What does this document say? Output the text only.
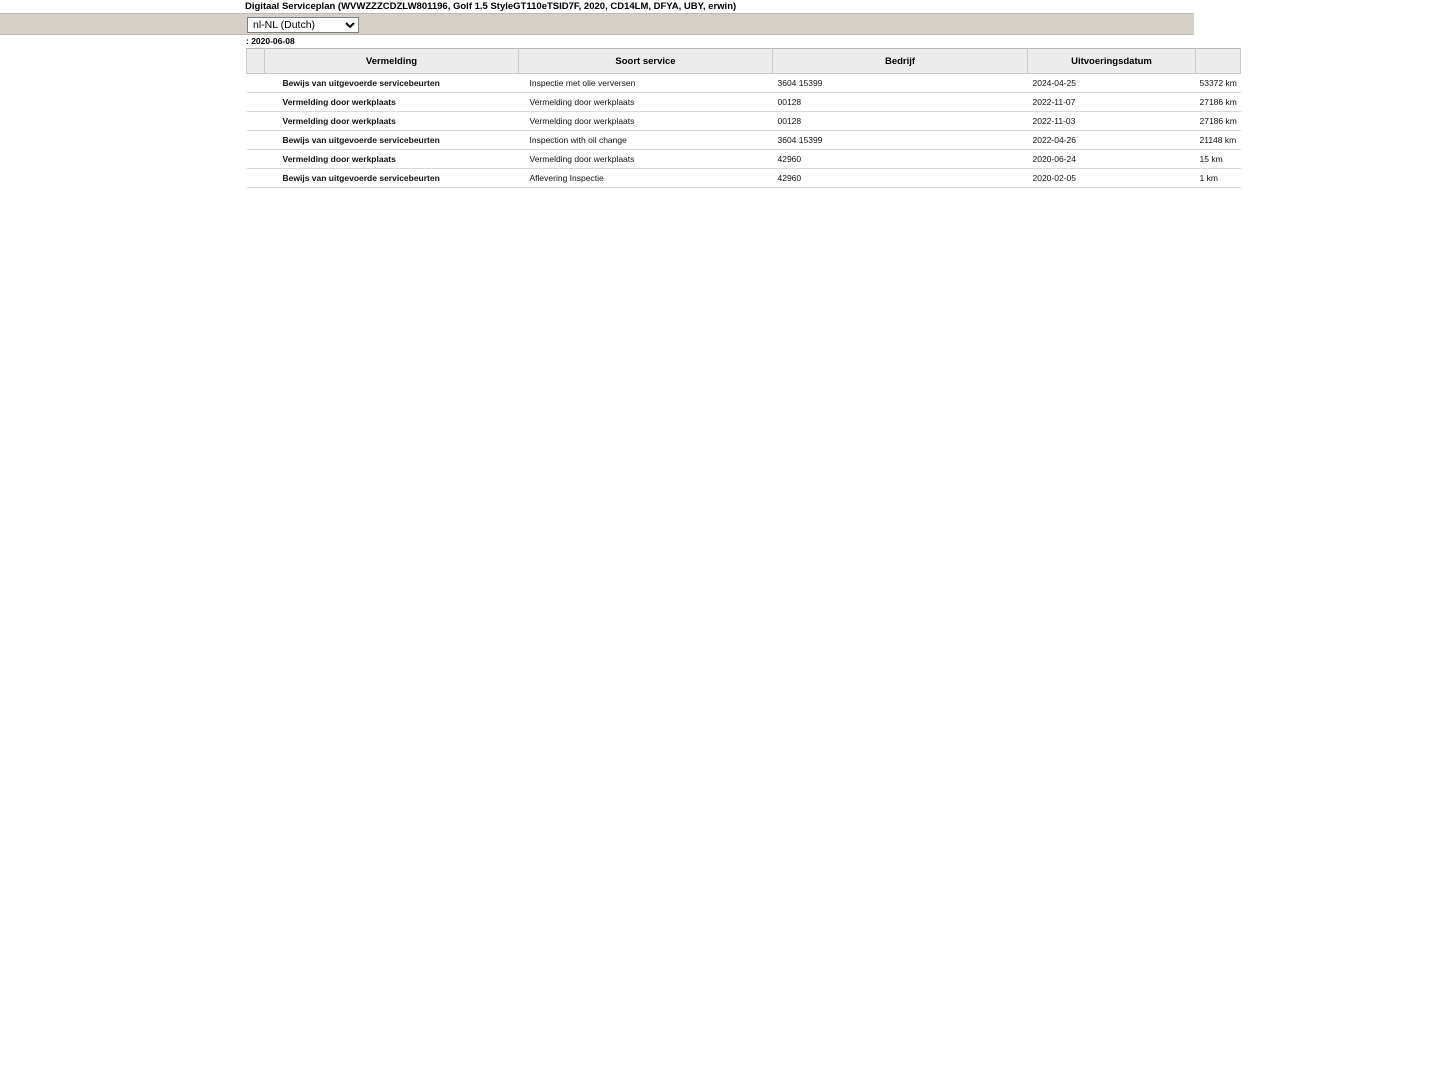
Digitaal Serviceplan (WVWZZZCDZLW801196, Golf 1.5 StyleGT110eTSID7F, 2020, CD14LM, DFYA, UBY, erwin)
nl-NL (Dutch)
: 2020-06-08
	Vermelding	Soort service	Bedrijf	Uitvoeringsdatum	
	Bewijs van uitgevoerde servicebeurten	Inspectie met olie verversen	3604 15399	2024-04-25	53372 km
	Vermelding door werkplaats	Vermelding door werkplaats	00128	2022-11-07	27186 km
	Vermelding door werkplaats	Vermelding door werkplaats	00128	2022-11-03	27186 km
	Bewijs van uitgevoerde servicebeurten	Inspection with oil change	3604 15399	2022-04-26	21148 km
	Vermelding door werkplaats	Vermelding door werkplaats	42960	2020-06-24	15 km
	Bewijs van uitgevoerde servicebeurten	Aflevering Inspectie	42960	2020-02-05	1 km
